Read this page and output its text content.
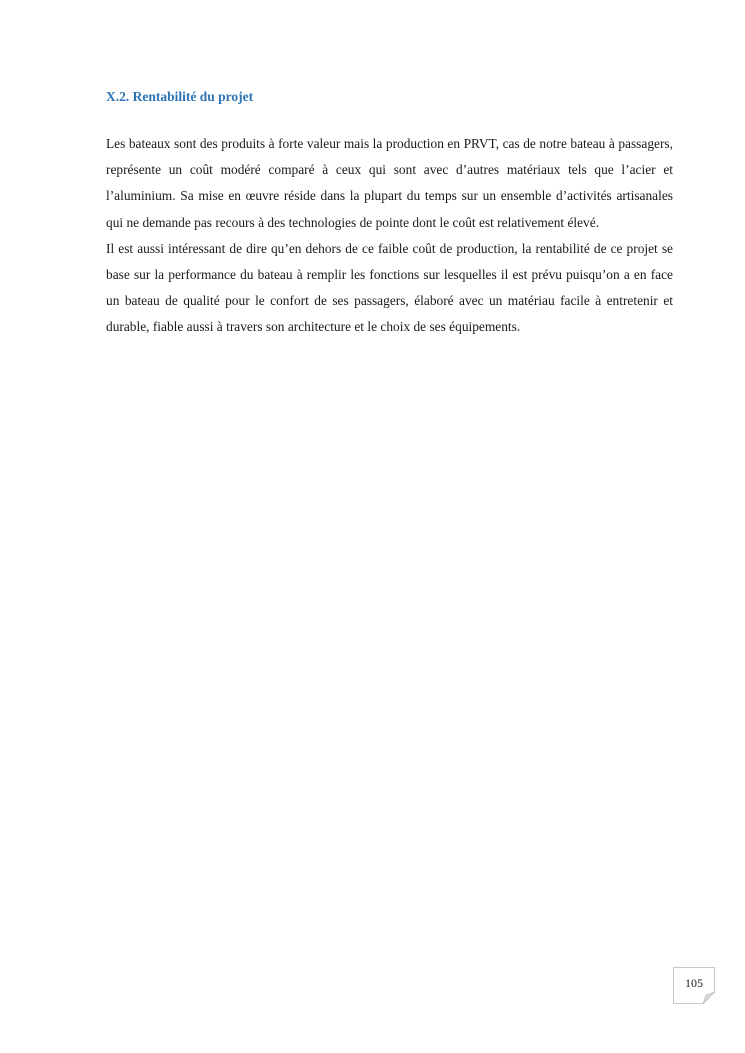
X.2. Rentabilité du projet

Les bateaux sont des produits à forte valeur mais la production en PRVT, cas de notre bateau à passagers, représente un coût modéré comparé à ceux qui sont avec d’autres matériaux tels que l’acier et l’aluminium. Sa mise en œuvre réside dans la plupart du temps sur un ensemble d’activités artisanales qui ne demande pas recours à des technologies de pointe dont le coût est relativement élevé.

Il est aussi intéressant de dire qu’en dehors de ce faible coût de production, la rentabilité de ce projet se base sur la performance du bateau à remplir les fonctions sur lesquelles il est prévu puisqu’on a en face un bateau de qualité pour le confort de ses passagers, élaboré avec un matériau facile à entretenir et durable, fiable aussi à travers son architecture et le choix de ses équipements.

105
